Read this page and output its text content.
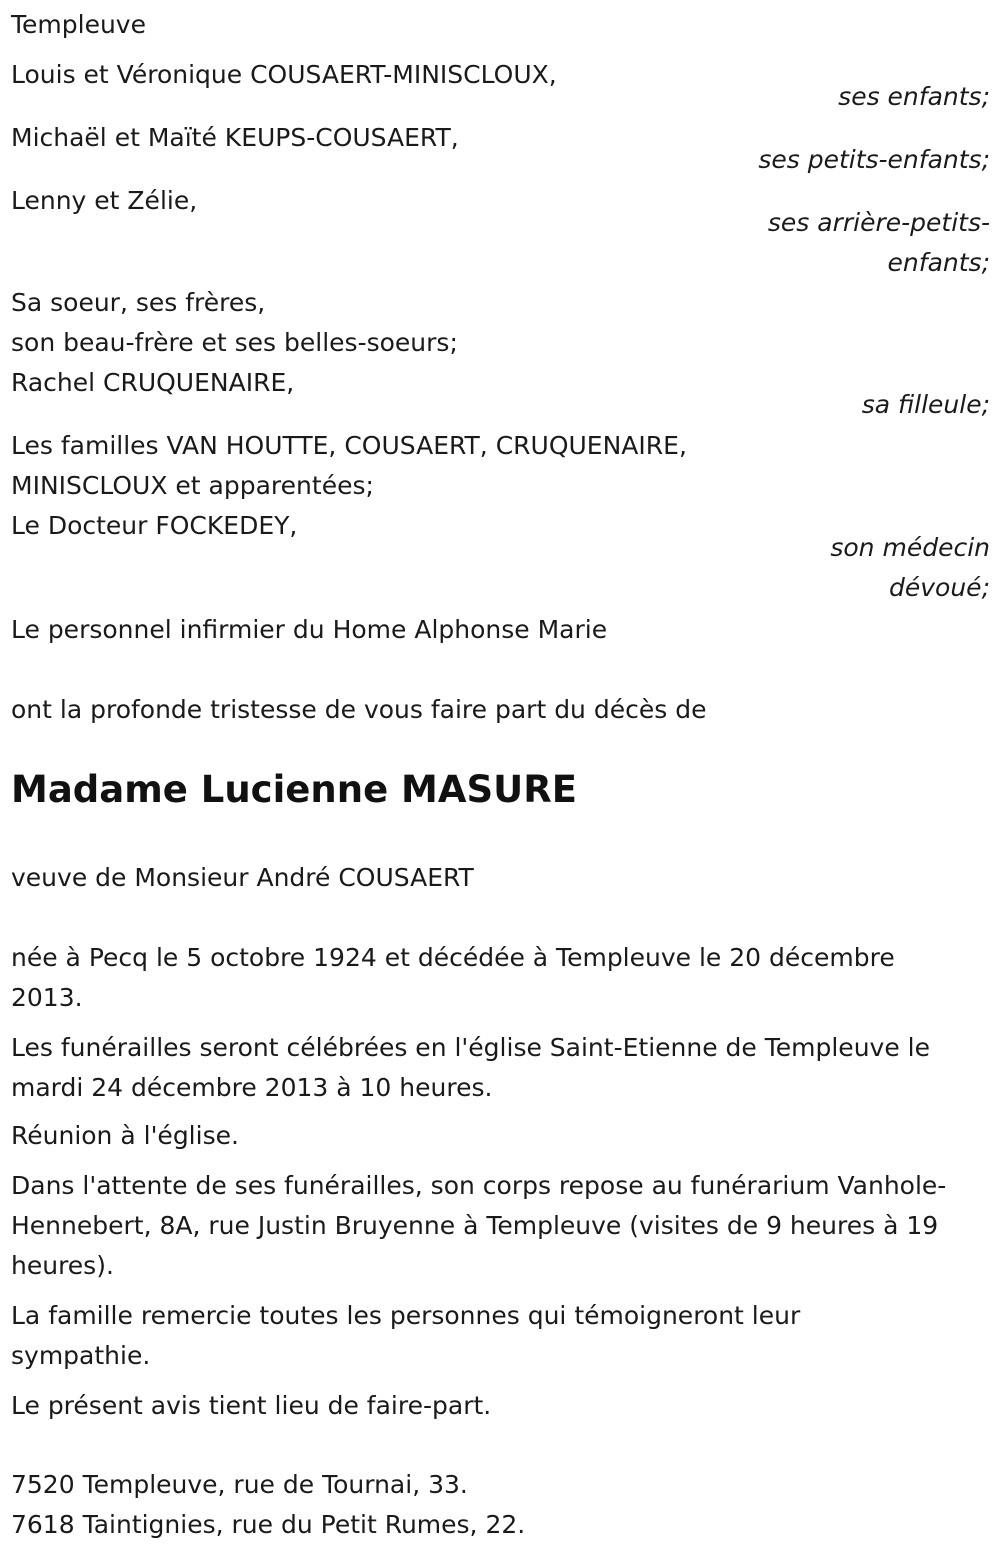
Templeuve
Louis et Véronique COUSAERT-MINISCLOUX,
ses enfants;
Michaël et Maïté KEUPS-COUSAERT,
ses petits-enfants;
Lenny et Zélie,
ses arrière-petits-
enfants;
Sa soeur, ses frères,
son beau-frère et ses belles-soeurs;
Rachel CRUQUENAIRE,
sa filleule;
Les familles VAN HOUTTE, COUSAERT, CRUQUENAIRE,
MINISCLOUX et apparentées;
Le Docteur FOCKEDEY,
son médecin
dévoué;
Le personnel infirmier du Home Alphonse Marie
ont la profonde tristesse de vous faire part du décès de
Madame Lucienne MASURE
veuve de Monsieur André COUSAERT
née à Pecq le 5 octobre 1924 et décédée à Templeuve le 20 décembre 2013.
Les funérailles seront célébrées en l'église Saint-Etienne de Templeuve le mardi 24 décembre 2013 à 10 heures.
Réunion à l'église.
Dans l'attente de ses funérailles, son corps repose au funérarium Vanhole-Hennebert, 8A, rue Justin Bruyenne à Templeuve (visites de 9 heures à 19 heures).
La famille remercie toutes les personnes qui témoigneront leur sympathie.
Le présent avis tient lieu de faire-part.
7520 Templeuve, rue de Tournai, 33.
7618 Taintignies, rue du Petit Rumes, 22.
